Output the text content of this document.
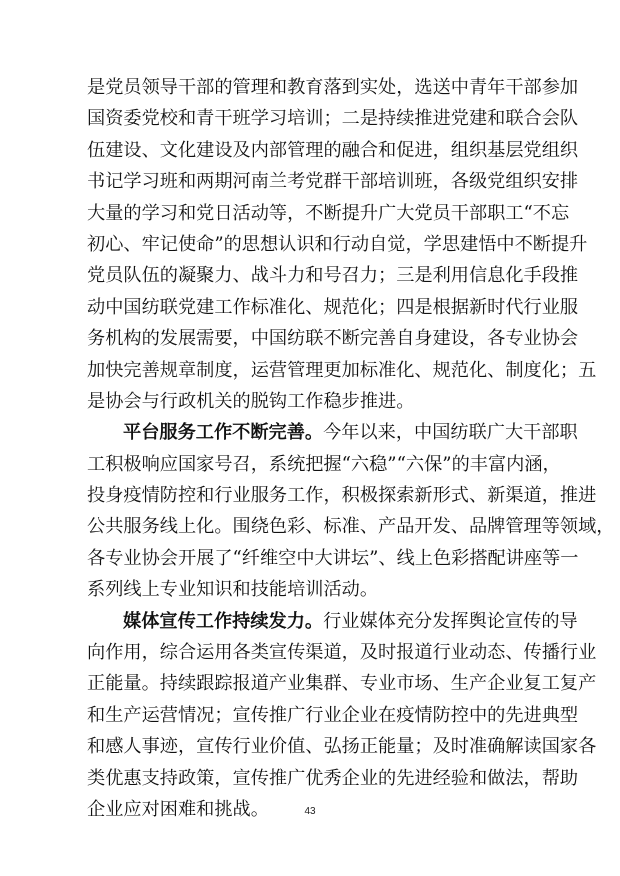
是党员领导干部的管理和教育落到实处，选送中青年干部参加
国资委党校和青干班学习培训；二是持续推进党建和联合会队
伍建设、文化建设及内部管理的融合和促进，组织基层党组织
书记学习班和两期河南兰考党群干部培训班，各级党组织安排
大量的学习和党日活动等，不断提升广大党员干部职工“不忘
初心、牢记使命”的思想认识和行动自觉，学思建悟中不断提升
党员队伍的凝聚力、战斗力和号召力；三是利用信息化手段推
动中国纺联党建工作标准化、规范化；四是根据新时代行业服
务机构的发展需要，中国纺联不断完善自身建设，各专业协会
加快完善规章制度，运营管理更加标准化、规范化、制度化；五
是协会与行政机关的脱钩工作稳步推进。
平台服务工作不断完善。今年以来，中国纺联广大干部职
工积极响应国家号召，系统把握“六稳”“六保”的丰富内涵，
投身疫情防控和行业服务工作，积极探索新形式、新渠道，推进
公共服务线上化。围绕色彩、标准、产品开发、品牌管理等领域，
各专业协会开展了“纤维空中大讲坛”、线上色彩搭配讲座等一
系列线上专业知识和技能培训活动。
媒体宣传工作持续发力。行业媒体充分发挥舆论宣传的导
向作用，综合运用各类宣传渠道，及时报道行业动态、传播行业
正能量。持续跟踪报道产业集群、专业市场、生产企业复工复产
和生产运营情况；宣传推广行业企业在疫情防控中的先进典型
和感人事迹，宣传行业价值、弘扬正能量；及时准确解读国家各
类优惠支持政策，宣传推广优秀企业的先进经验和做法，帮助
企业应对困难和挑战。	43
